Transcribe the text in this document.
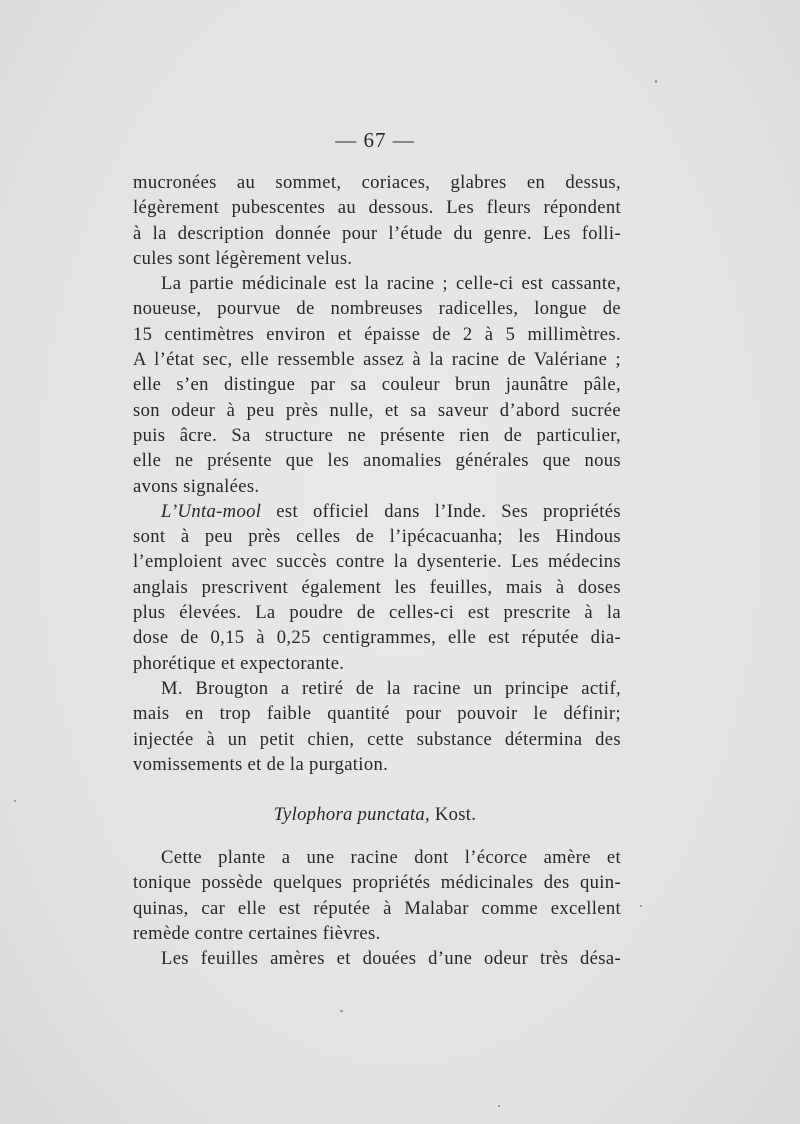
— 67 —
mucronées au sommet, coriaces, glabres en dessus,
légèrement pubescentes au dessous. Les fleurs répondent
à la description donnée pour l’étude du genre. Les folli-
cules sont légèrement velus.
La partie médicinale est la racine ; celle-ci est cassante,
noueuse, pourvue de nombreuses radicelles, longue de
15 centimètres environ et épaisse de 2 à 5 millimètres.
A l’état sec, elle ressemble assez à la racine de Valériane ;
elle s’en distingue par sa couleur brun jaunâtre pâle,
son odeur à peu près nulle, et sa saveur d’abord sucrée
puis âcre. Sa structure ne présente rien de particulier,
elle ne présente que les anomalies générales que nous
avons signalées.
L’Unta-mool est officiel dans l’Inde. Ses propriétés
sont à peu près celles de l’ipécacuanha; les Hindous
l’emploient avec succès contre la dysenterie. Les médecins
anglais prescrivent également les feuilles, mais à doses
plus élevées. La poudre de celles-ci est prescrite à la
dose de 0,15 à 0,25 centigrammes, elle est réputée dia-
phorétique et expectorante.
M. Brougton a retiré de la racine un principe actif,
mais en trop faible quantité pour pouvoir le définir;
injectée à un petit chien, cette substance détermina des
vomissements et de la purgation.
Tylophora punctata, Kost.
Cette plante a une racine dont l’écorce amère et
tonique possède quelques propriétés médicinales des quin-
quinas, car elle est réputée à Malabar comme excellent
remède contre certaines fièvres.
Les feuilles amères et douées d’une odeur très désa-
